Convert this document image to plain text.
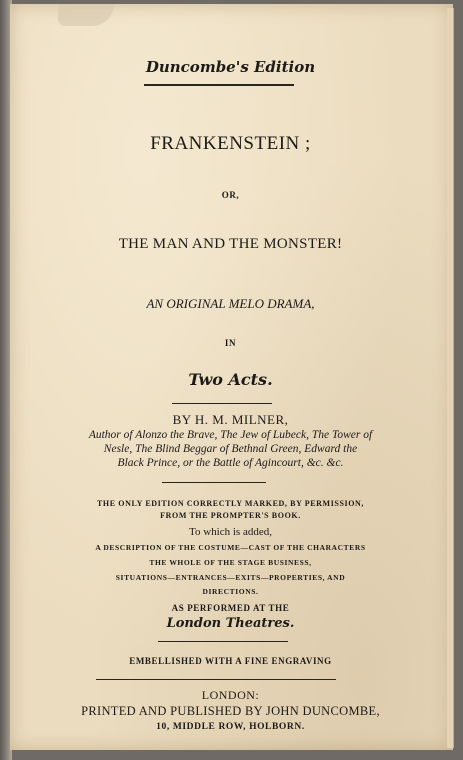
Duncombe's Edition
FRANKENSTEIN ;
OR,
THE MAN AND THE MONSTER!
AN ORIGINAL MELO DRAMA,
IN
Two Acts.
BY H. M. MILNER,
Author of Alonzo the Brave, The Jew of Lubeck, The Tower of
Nesle, The Blind Beggar of Bethnal Green, Edward the
Black Prince, or the Battle of Agincourt, &c. &c.
THE ONLY EDITION CORRECTLY MARKED, BY PERMISSION,
FROM THE PROMPTER'S BOOK.
To which is added,
A DESCRIPTION OF THE COSTUME—CAST OF THE CHARACTERS
THE WHOLE OF THE STAGE BUSINESS,
SITUATIONS—ENTRANCES—EXITS—PROPERTIES, AND
DIRECTIONS.
AS PERFORMED AT THE
London Theatres.
EMBELLISHED WITH A FINE ENGRAVING
LONDON:
PRINTED AND PUBLISHED BY JOHN DUNCOMBE,
10, MIDDLE ROW, HOLBORN.
